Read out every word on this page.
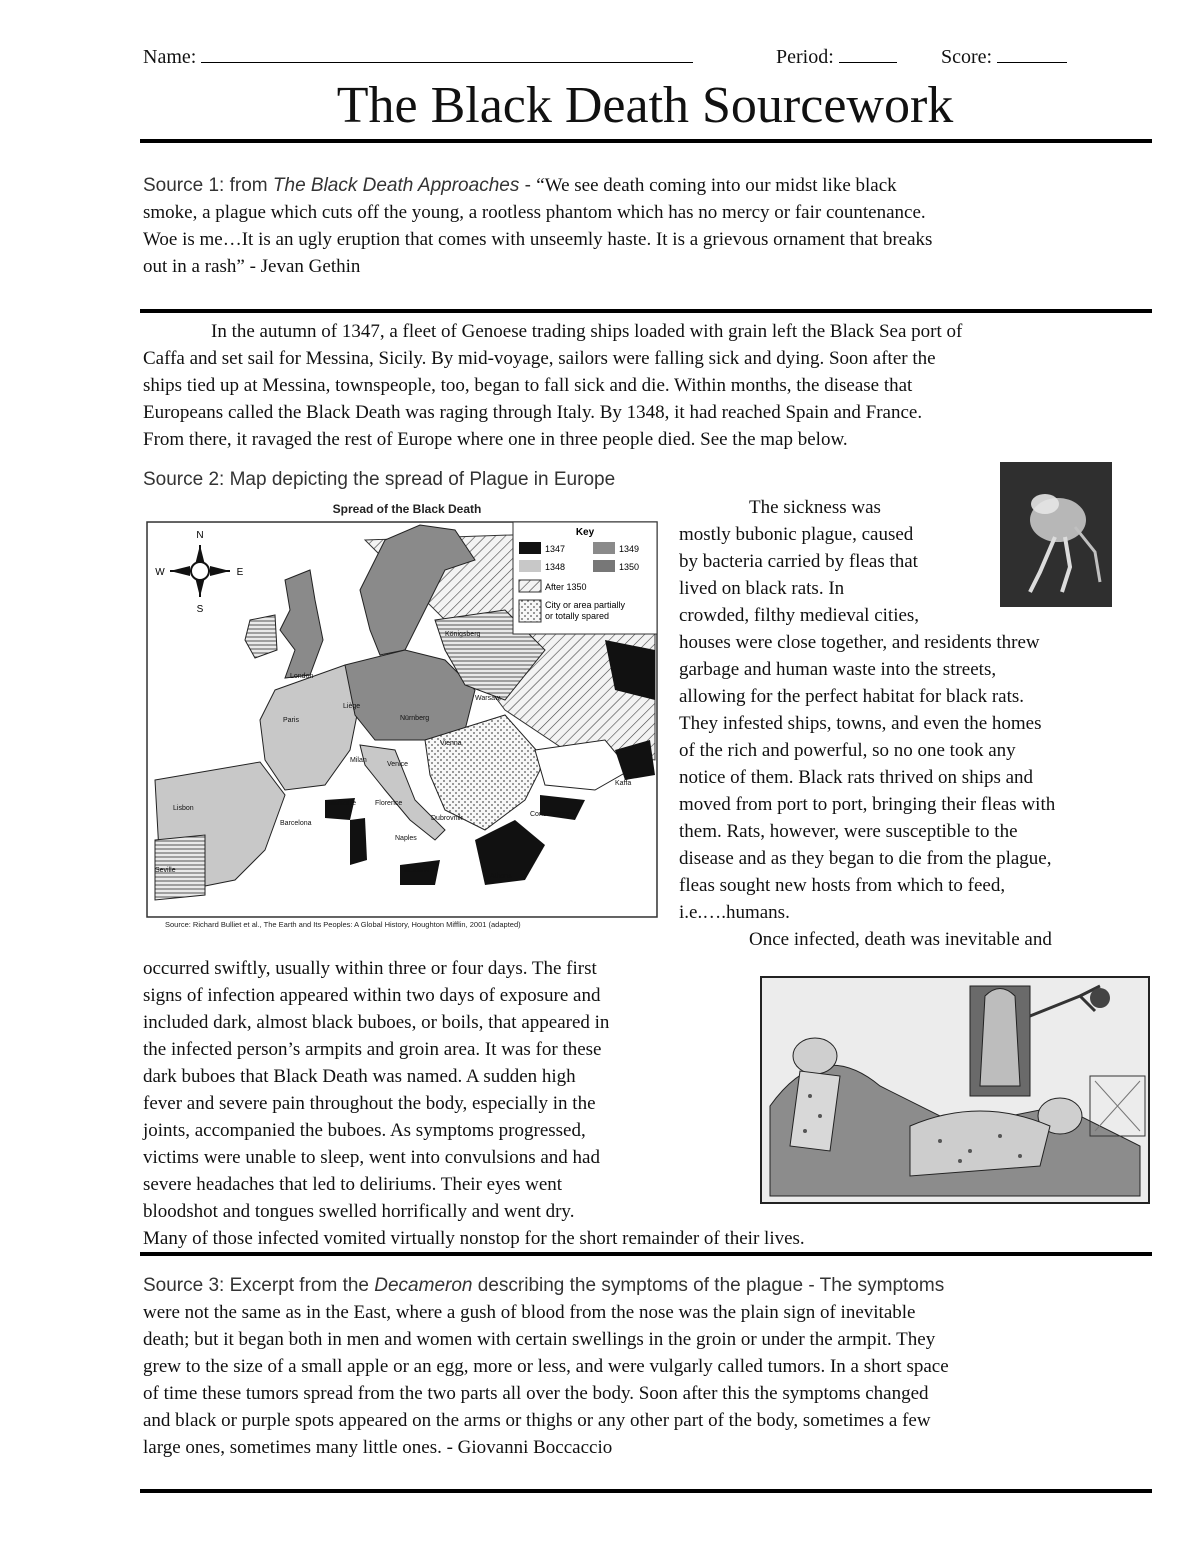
Name:	Period:	Score:
The Black Death Sourcework
Source 1: from The Black Death Approaches - “We see death coming into our midst like black
smoke, a plague which cuts off the young, a rootless phantom which has no mercy or fair countenance.
Woe is me…It is an ugly eruption that comes with unseemly haste. It is a grievous ornament that breaks
out in a rash” - Jevan Gethin
In the autumn of 1347, a fleet of Genoese trading ships loaded with grain left the Black Sea port of
Caffa and set sail for Messina, Sicily. By mid-voyage, sailors were falling sick and dying. Soon after the
ships tied up at Messina, townspeople, too, began to fall sick and die. Within months, the disease that
Europeans called the Black Death was raging through Italy. By 1348, it had reached Spain and France.
From there, it ravaged the rest of Europe where one in three people died. See the map below.
Source 2: Map depicting the spread of Plague in Europe
Spread of the Black Death
N
S
W	E
Key
1347	1349
1348	1350
After 1350
City or area partially
or totally spared
London
Paris
Liège
Nürnberg
Vienna
Milan
Venice
Marseille	Florence
Dubrovnik
Barcelona
Naples
Lisbon
Seville	Messina
Athens
Constantinople
Kaffa
Königsberg
Warsaw
Source: Richard Bulliet et al., The Earth and Its Peoples: A Global History, Houghton Mifflin, 2001 (adapted)
The sickness was
mostly bubonic plague, caused
by bacteria carried by fleas that
lived on black rats. In
crowded, filthy medieval cities,
houses were close together, and residents threw
garbage and human waste into the streets,
allowing for the perfect habitat for black rats.
They infested ships, towns, and even the homes
of the rich and powerful, so no one took any
notice of them. Black rats thrived on ships and
moved from port to port, bringing their fleas with
them. Rats, however, were susceptible to the
disease and as they began to die from the plague,
fleas sought new hosts from which to feed,
i.e.….humans.
Once infected, death was inevitable and
occurred swiftly, usually within three or four days. The first
signs of infection appeared within two days of exposure and
included dark, almost black buboes, or boils, that appeared in
the infected person’s armpits and groin area. It was for these
dark buboes that Black Death was named. A sudden high
fever and severe pain throughout the body, especially in the
joints, accompanied the buboes. As symptoms progressed,
victims were unable to sleep, went into convulsions and had
severe headaches that led to deliriums. Their eyes went
bloodshot and tongues swelled horrifically and went dry.
Many of those infected vomited virtually nonstop for the short remainder of their lives.
Source 3: Excerpt from the Decameron describing the symptoms of the plague - The symptoms
were not the same as in the East, where a gush of blood from the nose was the plain sign of inevitable
death; but it began both in men and women with certain swellings in the groin or under the armpit. They
grew to the size of a small apple or an egg, more or less, and were vulgarly called tumors. In a short space
of time these tumors spread from the two parts all over the body. Soon after this the symptoms changed
and black or purple spots appeared on the arms or thighs or any other part of the body, sometimes a few
large ones, sometimes many little ones. - Giovanni Boccaccio
